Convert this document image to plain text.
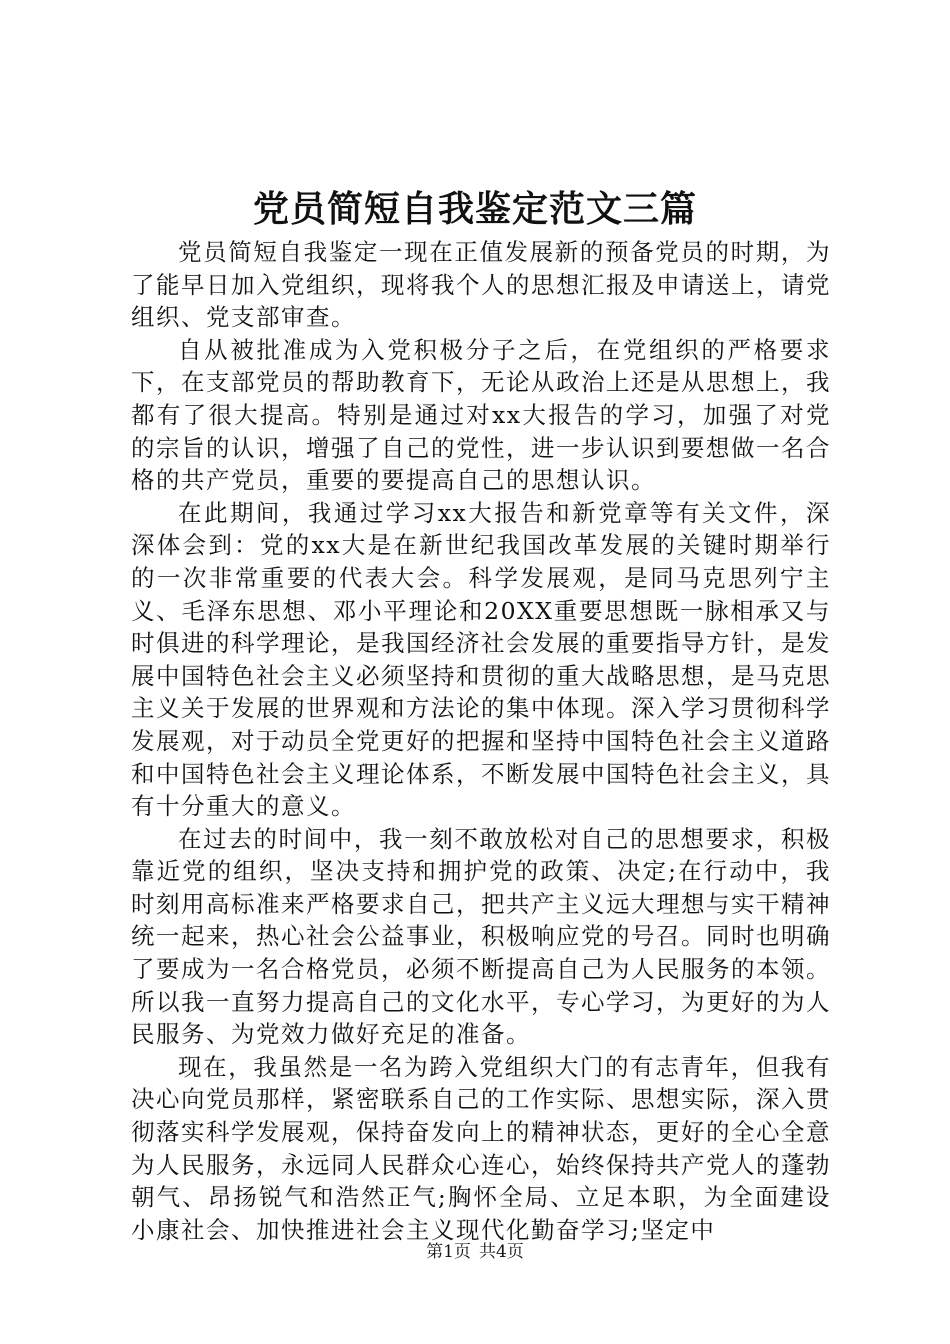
党员简短自我鉴定范文三篇

党员简短自我鉴定一现在正值发展新的预备党员的时期，为了能早日加入党组织，现将我个人的思想汇报及申请送上，请党组织、党支部审查。

自从被批准成为入党积极分子之后，在党组织的严格要求下，在支部党员的帮助教育下，无论从政治上还是从思想上，我都有了很大提高。特别是通过对xx大报告的学习，加强了对党的宗旨的认识，增强了自己的党性，进一步认识到要想做一名合格的共产党员，重要的要提高自己的思想认识。

在此期间，我通过学习xx大报告和新党章等有关文件，深深体会到：党的xx大是在新世纪我国改革发展的关键时期举行的一次非常重要的代表大会。科学发展观，是同马克思列宁主义、毛泽东思想、邓小平理论和20XX重要思想既一脉相承又与时俱进的科学理论，是我国经济社会发展的重要指导方针，是发展中国特色社会主义必须坚持和贯彻的重大战略思想，是马克思主义关于发展的世界观和方法论的集中体现。深入学习贯彻科学发展观，对于动员全党更好的把握和坚持中国特色社会主义道路和中国特色社会主义理论体系，不断发展中国特色社会主义，具有十分重大的意义。

在过去的时间中，我一刻不敢放松对自己的思想要求，积极靠近党的组织，坚决支持和拥护党的政策、决定;在行动中，我时刻用高标准来严格要求自己，把共产主义远大理想与实干精神统一起来，热心社会公益事业，积极响应党的号召。同时也明确了要成为一名合格党员，必须不断提高自己为人民服务的本领。所以我一直努力提高自己的文化水平，专心学习，为更好的为人民服务、为党效力做好充足的准备。

现在，我虽然是一名为跨入党组织大门的有志青年，但我有决心向党员那样，紧密联系自己的工作实际、思想实际，深入贯彻落实科学发展观，保持奋发向上的精神状态，更好的全心全意为人民服务，永远同人民群众心连心，始终保持共产党人的蓬勃朝气、昂扬锐气和浩然正气;胸怀全局、立足本职，为全面建设小康社会、加快推进社会主义现代化勤奋学习;坚定中

第1页 共4页
